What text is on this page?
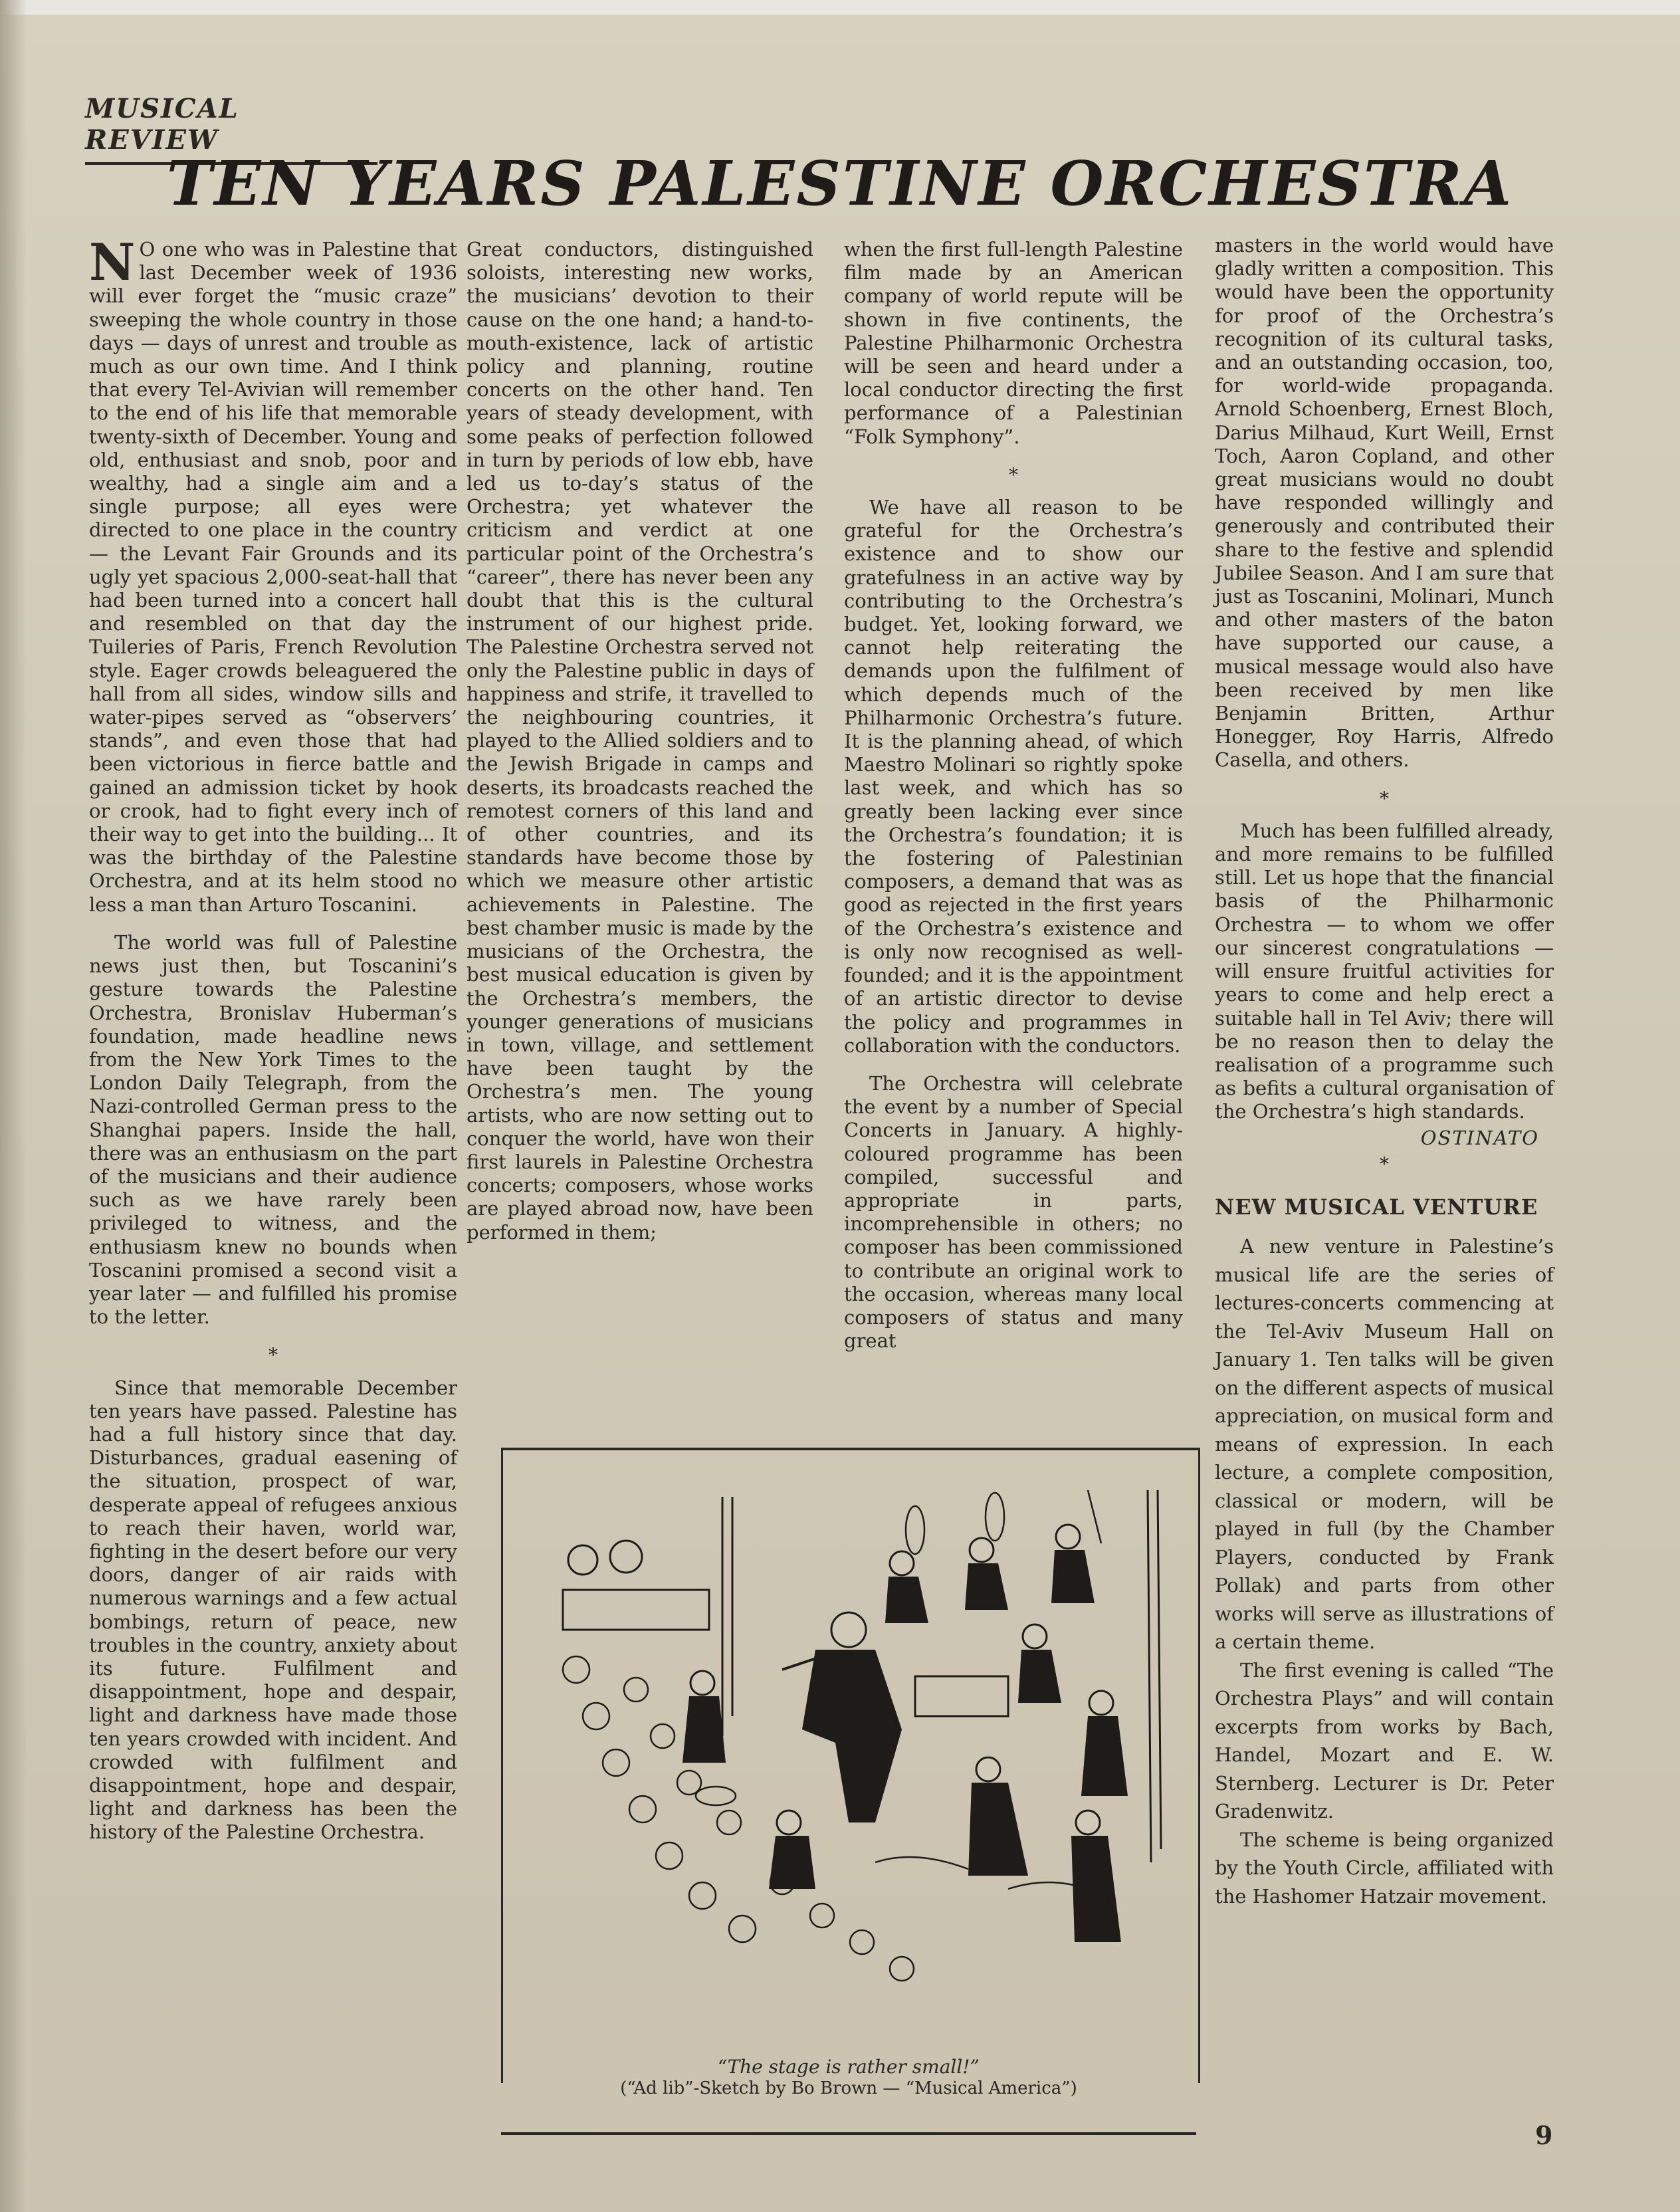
MUSICAL REVIEW
TEN YEARS PALESTINE ORCHESTRA

N O one who was in Palestine that last December week of 1936 will ever forget the “music craze” sweeping the whole country in those days — days of unrest and trouble as much as our own time. And I think that every Tel-Avivian will remember to the end of his life that memorable twenty-sixth of December. Young and old, enthusiast and snob, poor and wealthy, had a single aim and a single purpose; all eyes were directed to one place in the country — the Levant Fair Grounds and its ugly yet spacious 2,000-seat-hall that had been turned into a concert hall and resembled on that day the Tuileries of Paris, French Revolution style. Eager crowds beleaguered the hall from all sides, window sills and water-pipes served as “observers’ stands”, and even those that had been victorious in fierce battle and gained an admission ticket by hook or crook, had to fight every inch of their way to get into the building... It was the birthday of the Palestine Orchestra, and at its helm stood no less a man than Arturo Toscanini.

The world was full of Palestine news just then, but Toscanini’s gesture towards the Palestine Orchestra, Bronislav Huberman’s foundation, made headline news from the New York Times to the London Daily Telegraph, from the Nazi-controlled German press to the Shanghai papers. Inside the hall, there was an enthusiasm on the part of the musicians and their audience such as we have rarely been privileged to witness, and the enthusiasm knew no bounds when Toscanini promised a second visit a year later — and fulfilled his promise to the letter.

*

Since that memorable December ten years have passed. Palestine has had a full history since that day. Disturbances, gradual easening of the situation, prospect of war, desperate appeal of refugees anxious to reach their haven, world war, fighting in the desert before our very doors, danger of air raids with numerous warnings and a few actual bombings, return of peace, new troubles in the country, anxiety about its future. Fulfilment and disappointment, hope and despair, light and darkness have made those ten years crowded with incident. And crowded with fulfilment and disappointment, hope and despair, light and darkness has been the history of the Palestine Orchestra.

Great conductors, distinguished soloists, interesting new works, the musicians’ devotion to their cause on the one hand; a hand-to-mouth-existence, lack of artistic policy and planning, routine concerts on the other hand. Ten years of steady development, with some peaks of perfection followed in turn by periods of low ebb, have led us to-day’s status of the Orchestra; yet whatever the criticism and verdict at one particular point of the Orchestra’s “career”, there has never been any doubt that this is the cultural instrument of our highest pride. The Palestine Orchestra served not only the Palestine public in days of happiness and strife, it travelled to the neighbouring countries, it played to the Allied soldiers and to the Jewish Brigade in camps and deserts, its broadcasts reached the remotest corners of this land and of other countries, and its standards have become those by which we measure other artistic achievements in Palestine. The best chamber music is made by the musicians of the Orchestra, the best musical education is given by the Orchestra’s members, the younger generations of musicians in town, village, and settlement have been taught by the Orchestra’s men. The young artists, who are now setting out to conquer the world, have won their first laurels in Palestine Orchestra concerts; composers, whose works are played abroad now, have been performed in them;

when the first full-length Palestine film made by an American company of world repute will be shown in five continents, the Palestine Philharmonic Orchestra will be seen and heard under a local conductor directing the first performance of a Palestinian “Folk Symphony”.

*

We have all reason to be grateful for the Orchestra’s existence and to show our gratefulness in an active way by contributing to the Orchestra’s budget. Yet, looking forward, we cannot help reiterating the demands upon the fulfilment of which depends much of the Philharmonic Orchestra’s future. It is the planning ahead, of which Maestro Molinari so rightly spoke last week, and which has so greatly been lacking ever since the Orchestra’s foundation; it is the fostering of Palestinian composers, a demand that was as good as rejected in the first years of the Orchestra’s existence and is only now recognised as well-founded; and it is the appointment of an artistic director to devise the policy and programmes in collaboration with the conductors.

The Orchestra will celebrate the event by a number of Special Concerts in January. A highly-coloured programme has been compiled, successful and appropriate in parts, incomprehensible in others; no composer has been commissioned to contribute an original work to the occasion, whereas many local composers of status and many great

masters in the world would have gladly written a composition. This would have been the opportunity for proof of the Orchestra’s recognition of its cultural tasks, and an outstanding occasion, too, for world-wide propaganda. Arnold Schoenberg, Ernest Bloch, Darius Milhaud, Kurt Weill, Ernst Toch, Aaron Copland, and other great musicians would no doubt have responded willingly and generously and contributed their share to the festive and splendid Jubilee Season. And I am sure that just as Toscanini, Molinari, Munch and other masters of the baton have supported our cause, a musical message would also have been received by men like Benjamin Britten, Arthur Honegger, Roy Harris, Alfredo Casella, and others.

*

Much has been fulfilled already, and more remains to be fulfilled still. Let us hope that the financial basis of the Philharmonic Orchestra — to whom we offer our sincerest congratulations — will ensure fruitful activities for years to come and help erect a suitable hall in Tel Aviv; there will be no reason then to delay the realisation of a programme such as befits a cultural organisation of the Orchestra’s high standards.

OSTINATO
*
NEW MUSICAL VENTURE

A new venture in Palestine’s musical life are the series of lectures-concerts commencing at the Tel-Aviv Museum Hall on January 1. Ten talks will be given on the different aspects of musical appreciation, on musical form and means of expression. In each lecture, a complete composition, classical or modern, will be played in full (by the Chamber Players, conducted by Frank Pollak) and parts from other works will serve as illustrations of a certain theme.

The first evening is called “The Orchestra Plays” and will contain excerpts from works by Bach, Handel, Mozart and E. W. Sternberg. Lecturer is Dr. Peter Gradenwitz.

The scheme is being organized by the Youth Circle, affiliated with the Hashomer Hatzair movement.

“The stage is rather small!”
(“Ad lib”-Sketch by Bo Brown — “Musical America”)
9
